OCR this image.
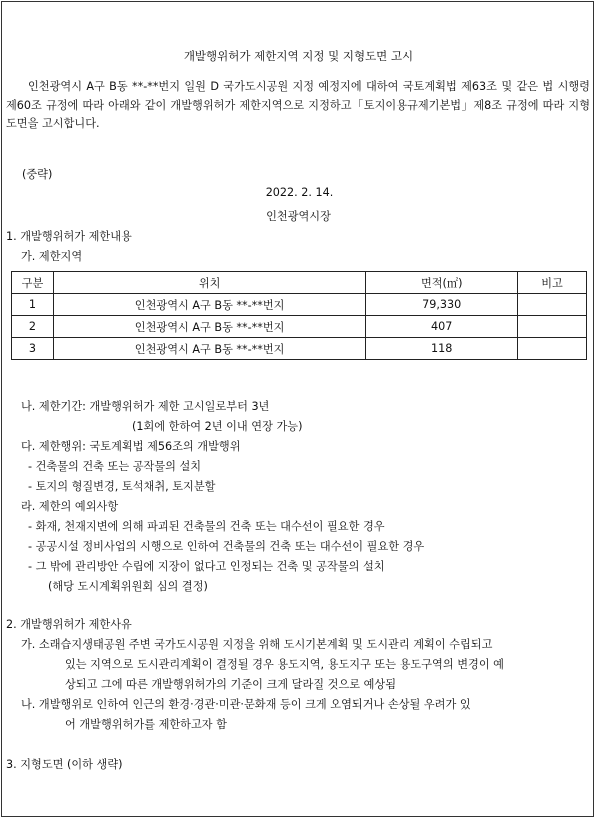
개발행위허가 제한지역 지정 및 지형도면 고시
인천광역시 A구 B동 **-**번지 일원 D 국가도시공원 지정 예정지에 대하여 국토계획법 제63조 및 같은 법 시행령 제60조 규정에 따라 아래와 같이 개발행위허가 제한지역으로 지정하고「토지이용규제기본법」제8조 규정에 따라 지형도면을 고시합니다.
(중략)
2022. 2. 14.
인천광역시장
1. 개발행위허가 제한내용
가. 제한지역
구분	위치	면적(㎡)	비고
1	인천광역시 A구 B동 **-**번지	79,330	
2	인천광역시 A구 B동 **-**번지	407	
3	인천광역시 A구 B동 **-**번지	118	
나. 제한기간: 개발행위허가 제한 고시일로부터 3년
(1회에 한하여 2년 이내 연장 가능)
다. 제한행위: 국토계획법 제56조의 개발행위
- 건축물의 건축 또는 공작물의 설치
- 토지의 형질변경, 토석채취, 토지분할
라. 제한의 예외사항
- 화재, 천재지변에 의해 파괴된 건축물의 건축 또는 대수선이 필요한 경우
- 공공시설 정비사업의 시행으로 인하여 건축물의 건축 또는 대수선이 필요한 경우
- 그 밖에 관리방안 수립에 지장이 없다고 인정되는 건축 및 공작물의 설치
(해당 도시계획위원회 심의 결정)
2. 개발행위허가 제한사유
가. 소래습지생태공원 주변 국가도시공원 지정을 위해 도시기본계획 및 도시관리 계획이 수립되고
있는 지역으로 도시관리계획이 결정될 경우 용도지역, 용도지구 또는 용도구역의 변경이 예
상되고 그에 따른 개발행위허가의 기준이 크게 달라질 것으로 예상됨
나. 개발행위로 인하여 인근의 환경·경관·미관·문화재 등이 크게 오염되거나 손상될 우려가 있
어 개발행위허가를 제한하고자 함
3. 지형도면 (이하 생략)
